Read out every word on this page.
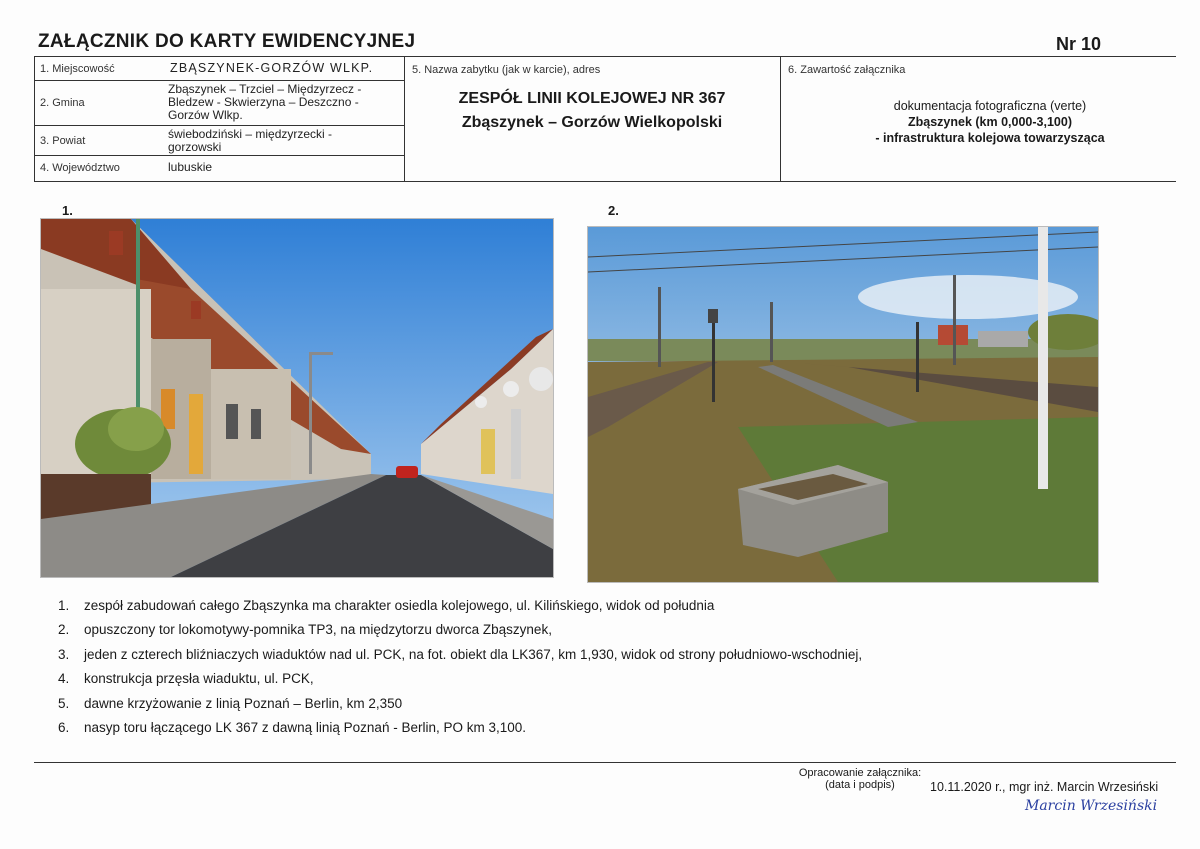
ZAŁĄCZNIK DO KARTY EWIDENCYJNEJ	Nr 10
1. Miejscowość	ZBĄSZYNEK-GORZÓW WLKP.
2. Gmina
Zbąszynek – Trzciel – Międzyrzecz -
Bledzew - Skwierzyna – Deszczno -
Gorzów Wlkp.
3. Powiat	świebodziński – międzyrzecki -
gorzowski
4. Województwo	lubuskie
5. Nazwa zabytku (jak w karcie), adres
ZESPÓŁ LINII KOLEJOWEJ NR 367
Zbąszynek – Gorzów Wielkopolski
6. Zawartość załącznika
dokumentacja fotograficzna (verte)
Zbąszynek (km 0,000-3,100)
- infrastruktura kolejowa towarzysząca
1.	2.
1. zespół zabudowań całego Zbąszynka ma charakter osiedla kolejowego, ul. Kilińskiego, widok od południa
2. opuszczony tor lokomotywy-pomnika TP3, na międzytorzu dworca Zbąszynek,
3. jeden z czterech bliźniaczych wiaduktów nad ul. PCK, na fot. obiekt dla LK367, km 1,930, widok od strony południowo-wschodniej,
4. konstrukcja przęsła wiaduktu, ul. PCK,
5. dawne krzyżowanie z linią Poznań – Berlin, km 2,350
6. nasyp toru łączącego LK 367 z dawną linią Poznań - Berlin, PO km 3,100.
Opracowanie załącznika:
(data i podpis)	10.11.2020 r., mgr inż. Marcin Wrzesiński
Marcin Wrzesiński
